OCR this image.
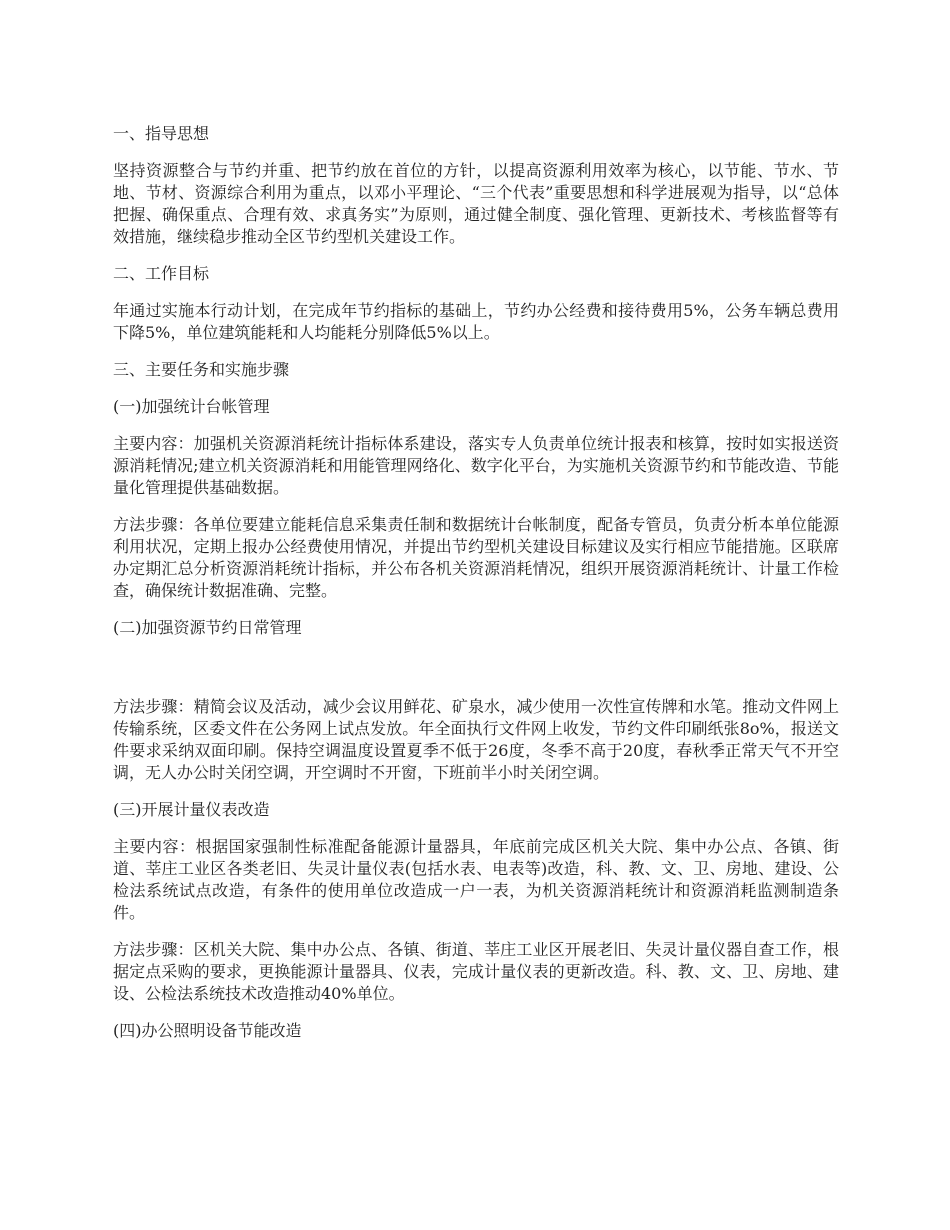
一、指导思想
坚持资源整合与节约并重、把节约放在首位的方针，以提高资源利用效率为核心，以节能、节水、节地、节材、资源综合利用为重点，以邓小平理论、“三个代表”重要思想和科学进展观为指导，以“总体把握、确保重点、合理有效、求真务实”为原则，通过健全制度、强化管理、更新技术、考核监督等有效措施，继续稳步推动全区节约型机关建设工作。
二、工作目标
年通过实施本行动计划，在完成年节约指标的基础上，节约办公经费和接待费用5%，公务车辆总费用下降5%，单位建筑能耗和人均能耗分别降低5%以上。
三、主要任务和实施步骤
(一)加强统计台帐管理
主要内容：加强机关资源消耗统计指标体系建设，落实专人负责单位统计报表和核算，按时如实报送资源消耗情况;建立机关资源消耗和用能管理网络化、数字化平台，为实施机关资源节约和节能改造、节能量化管理提供基础数据。
方法步骤：各单位要建立能耗信息采集责任制和数据统计台帐制度，配备专管员，负责分析本单位能源利用状况，定期上报办公经费使用情况，并提出节约型机关建设目标建议及实行相应节能措施。区联席办定期汇总分析资源消耗统计指标，并公布各机关资源消耗情况，组织开展资源消耗统计、计量工作检查，确保统计数据准确、完整。
(二)加强资源节约日常管理
方法步骤：精简会议及活动，减少会议用鲜花、矿泉水，减少使用一次性宣传牌和水笔。推动文件网上传输系统，区委文件在公务网上试点发放。年全面执行文件网上收发，节约文件印刷纸张8o%，报送文件要求采纳双面印刷。保持空调温度设置夏季不低于26度，冬季不高于20度，春秋季正常天气不开空调，无人办公时关闭空调，开空调时不开窗，下班前半小时关闭空调。
(三)开展计量仪表改造
主要内容：根据国家强制性标准配备能源计量器具，年底前完成区机关大院、集中办公点、各镇、街道、莘庄工业区各类老旧、失灵计量仪表(包括水表、电表等)改造，科、教、文、卫、房地、建设、公检法系统试点改造，有条件的使用单位改造成一户一表，为机关资源消耗统计和资源消耗监测制造条件。
方法步骤：区机关大院、集中办公点、各镇、街道、莘庄工业区开展老旧、失灵计量仪器自查工作，根据定点采购的要求，更换能源计量器具、仪表，完成计量仪表的更新改造。科、教、文、卫、房地、建设、公检法系统技术改造推动40%单位。
(四)办公照明设备节能改造
